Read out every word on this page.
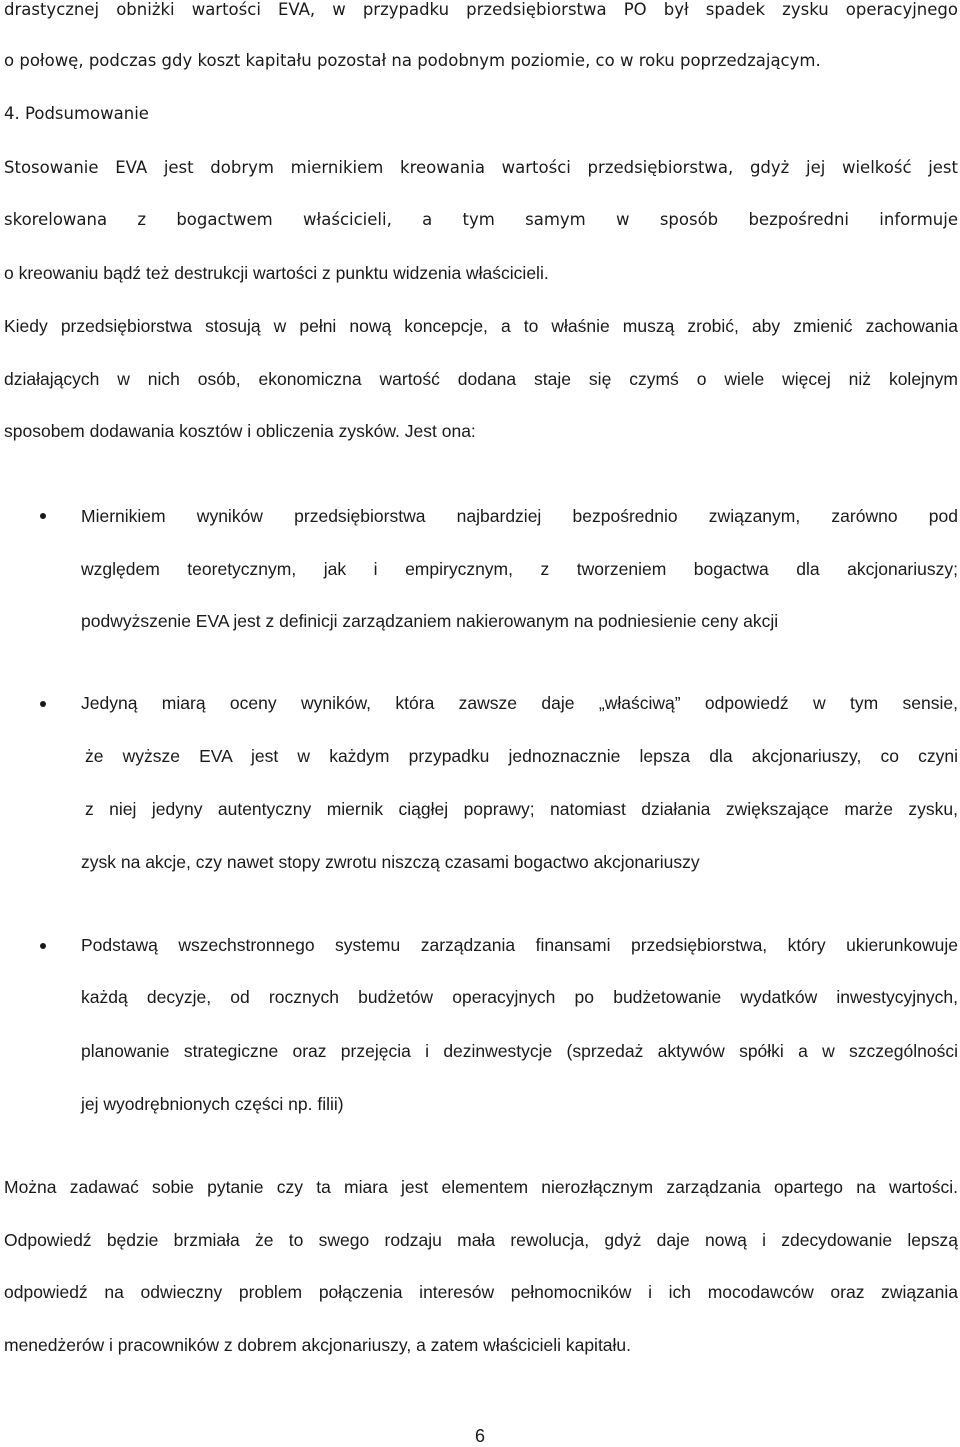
drastycznej obniżki wartości EVA, w przypadku przedsiębiorstwa PO był spadek zysku operacyjnego
o połowę, podczas gdy koszt kapitału pozostał na podobnym poziomie, co w roku poprzedzającym.
4. Podsumowanie
Stosowanie EVA jest dobrym miernikiem kreowania wartości przedsiębiorstwa, gdyż jej wielkość jest
skorelowana z bogactwem właścicieli, a tym samym w sposób bezpośredni informuje
o kreowaniu bądź też destrukcji wartości z punktu widzenia właścicieli.
Kiedy przedsiębiorstwa stosują w pełni nową koncepcje, a to właśnie muszą zrobić, aby zmienić zachowania
działających w nich osób, ekonomiczna wartość dodana staje się czymś o wiele więcej niż kolejnym
sposobem dodawania kosztów i obliczenia zysków. Jest ona:
Miernikiem wyników przedsiębiorstwa najbardziej bezpośrednio związanym, zarówno pod
względem teoretycznym, jak i empirycznym, z tworzeniem bogactwa dla akcjonariuszy;
podwyższenie EVA jest z definicji zarządzaniem nakierowanym na podniesienie ceny akcji
Jedyną miarą oceny wyników, która zawsze daje „właściwą” odpowiedź w tym sensie,
że wyższe EVA jest w każdym przypadku jednoznacznie lepsza dla akcjonariuszy, co czyni
z niej jedyny autentyczny miernik ciągłej poprawy; natomiast działania zwiększające marże zysku,
zysk na akcje, czy nawet stopy zwrotu niszczą czasami bogactwo akcjonariuszy
Podstawą wszechstronnego systemu zarządzania finansami przedsiębiorstwa, który ukierunkowuje
każdą decyzje, od rocznych budżetów operacyjnych po budżetowanie wydatków inwestycyjnych,
planowanie strategiczne oraz przejęcia i dezinwestycje (sprzedaż aktywów spółki a w szczególności
jej wyodrębnionych części np. filii)
Można zadawać sobie pytanie czy ta miara jest elementem nierozłącznym zarządzania opartego na wartości.
Odpowiedź będzie brzmiała że to swego rodzaju mała rewolucja, gdyż daje nową i zdecydowanie lepszą
odpowiedź na odwieczny problem połączenia interesów pełnomocników i ich mocodawców oraz związania
menedżerów i pracowników z dobrem akcjonariuszy, a zatem właścicieli kapitału.
6
